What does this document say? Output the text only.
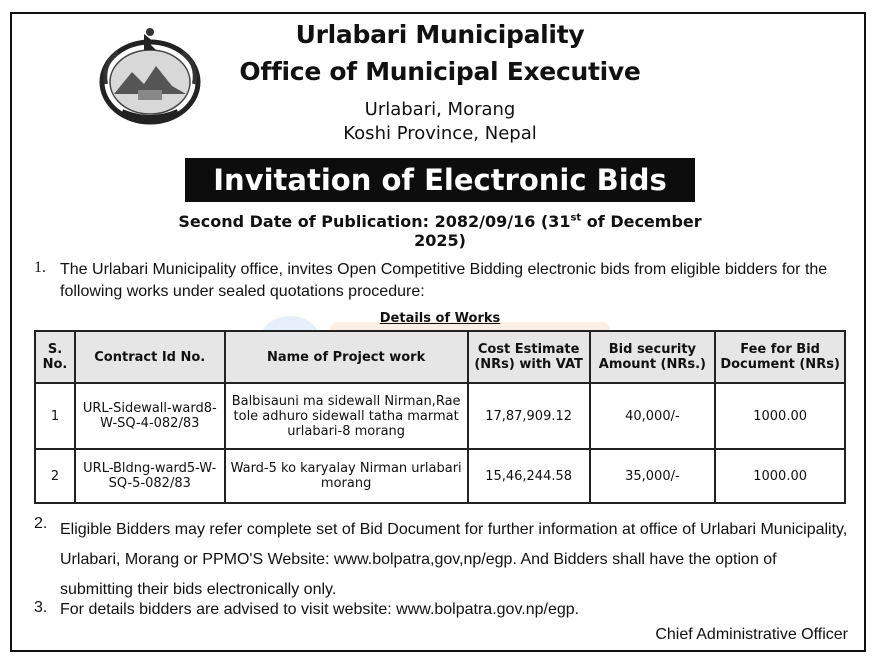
Urlabari Municipality
Office of Municipal Executive
Urlabari, Morang
Koshi Province, Nepal
Invitation of Electronic Bids
Second Date of Publication: 2082/09/16 (31st of December 2025)
1. The Urlabari Municipality office, invites Open Competitive Bidding electronic bids from eligible bidders for the following works under sealed quotations procedure:
Details of Works
S. No.	Contract Id No.	Name of Project work	Cost Estimate (NRs) with VAT	Bid security Amount (NRs.)	Fee for Bid Document (NRs)
1	URL-Sidewall-ward8-W-SQ-4-082/83	Balbisauni ma sidewall Nirman,Rae tole adhuro sidewall tatha marmat urlabari-8 morang	17,87,909.12	40,000/-	1000.00
2	URL-Bldng-ward5-W-SQ-5-082/83	Ward-5 ko karyalay Nirman urlabari morang	15,46,244.58	35,000/-	1000.00
2. Eligible Bidders may refer complete set of Bid Document for further information at office of Urlabari Municipality, Urlabari, Morang or PPMO'S Website: www.bolpatra,gov,np/egp. And Bidders shall have the option of submitting their bids electronically only.
3. For details bidders are advised to visit website: www.bolpatra.gov.np/egp.
Chief Administrative Officer
